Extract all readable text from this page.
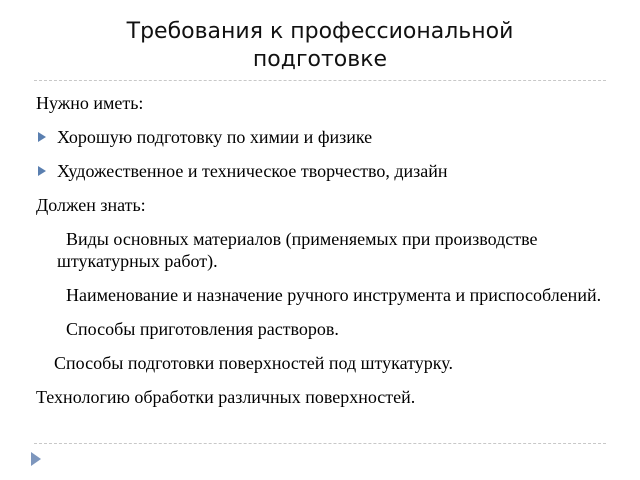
Требования к профессиональной подготовке
Нужно иметь:
Хорошую подготовку по химии и физике
Художественное и техническое творчество, дизайн
Должен знать:
Виды основных материалов (применяемых при производстве штукатурных работ).
Наименование и назначение ручного инструмента и приспособлений.
Способы приготовления растворов.
Способы подготовки поверхностей под штукатурку.
Технологию обработки различных поверхностей.
